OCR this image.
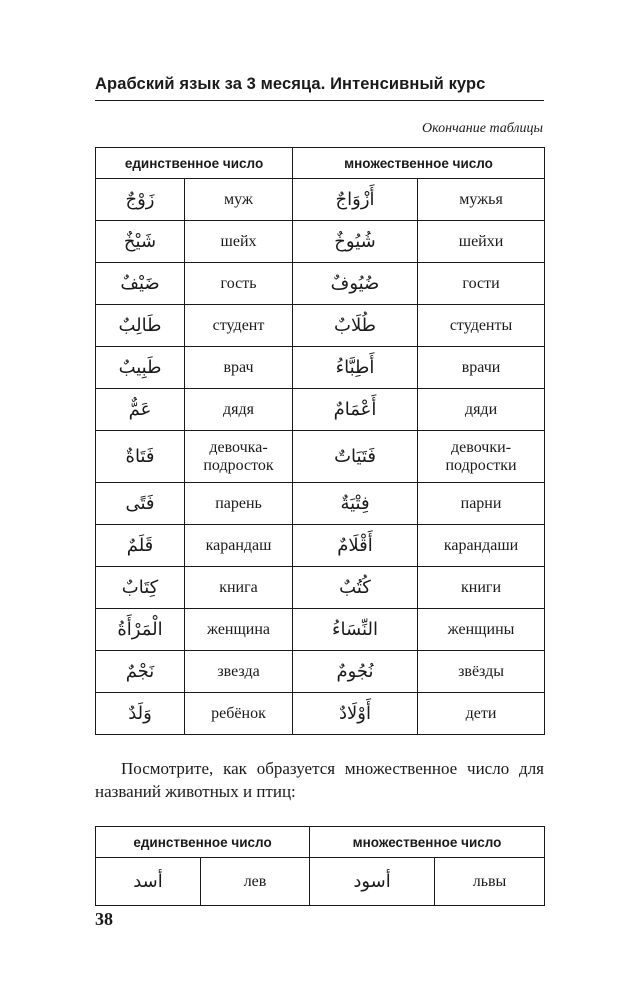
Арабский язык за 3 месяца. Интенсивный курс
Окончание таблицы
единственное число		множественное число	
زَوْجٌ	муж	أَزْوَاجٌ	мужья
شَيْخٌ	шейх	شُيُوخٌ	шейхи
ضَيْفٌ	гость	ضُيُوفٌ	гости
طَالِبٌ	студент	طُلَابٌ	студенты
طَبِيبٌ	врач	أَطِبَّاءُ	врачи
عَمٌّ	дядя	أَعْمَامٌ	дяди
فَتَاةٌ	девочка-подросток	فَتَيَاتٌ	девочки-подростки
فَتًى	парень	فِتْيَةٌ	парни
قَلَمٌ	карандаш	أَقْلَامٌ	карандаши
كِتَابٌ	книга	كُتُبٌ	книги
الْمَرْأَةُ	женщина	النِّسَاءُ	женщины
نَجْمٌ	звезда	نُجُومٌ	звёзды
وَلَدٌ	ребёнок	أَوْلَادٌ	дети
Посмотрите, как образуется множественное число для названий животных и птиц:
единственное число		множественное число	
أسد	лев	أسود	львы
38
